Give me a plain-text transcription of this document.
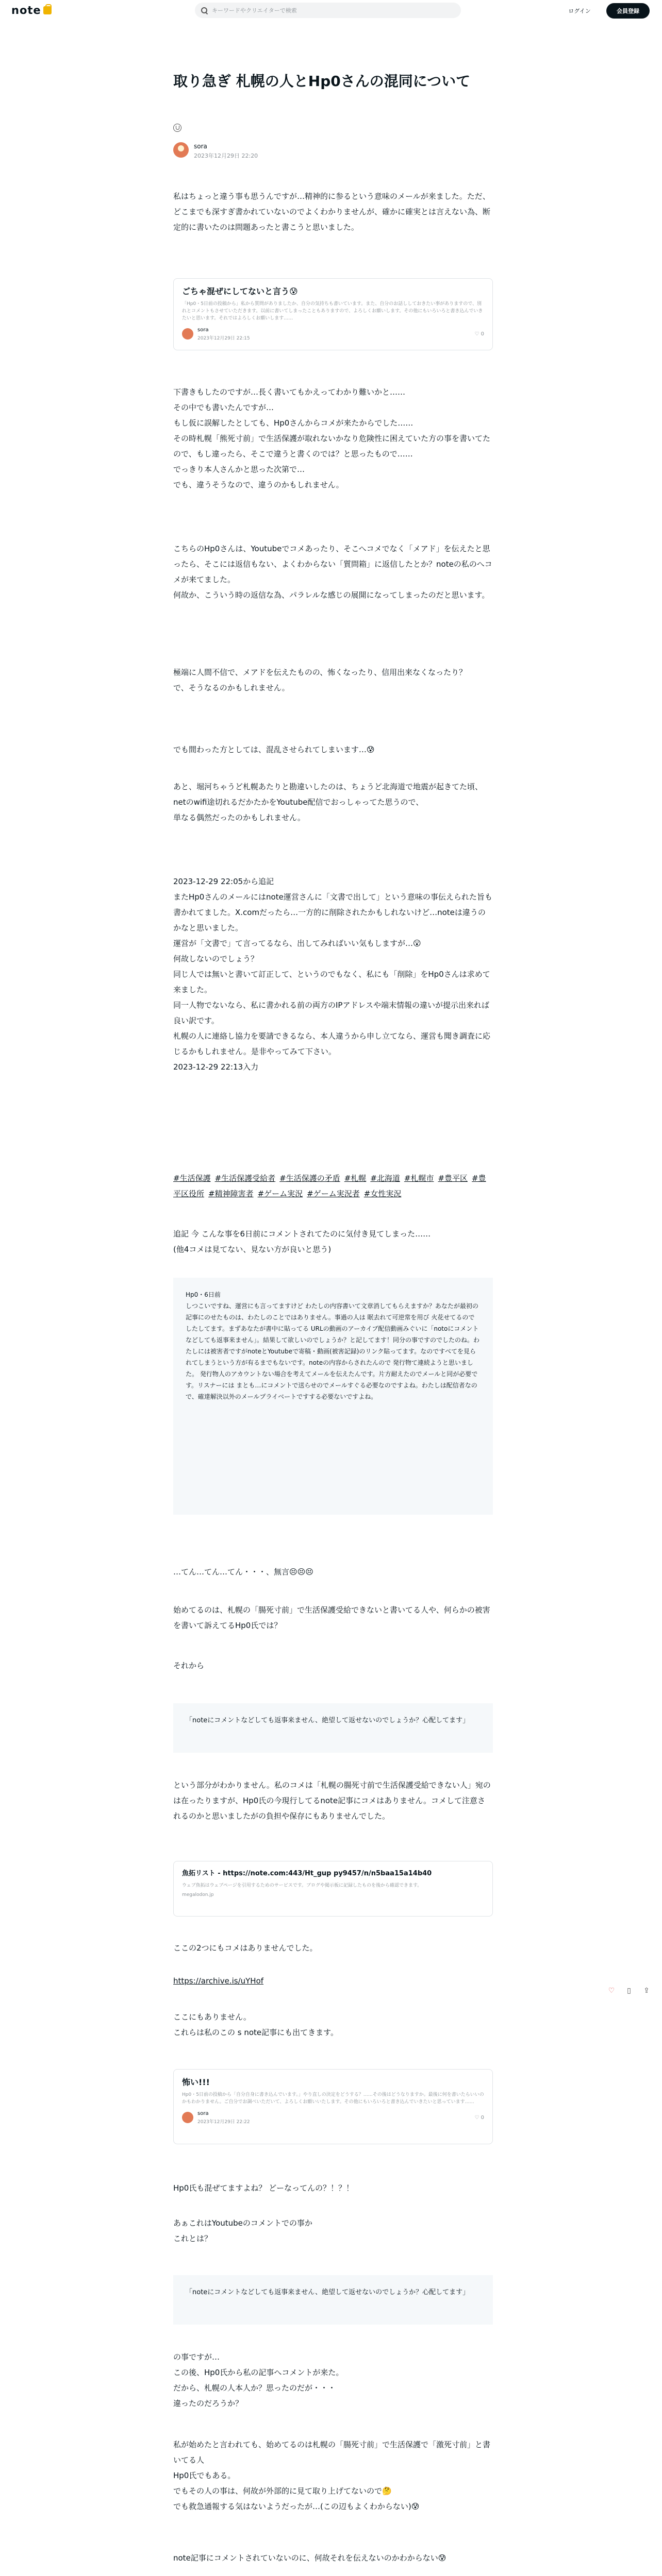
note
キーワードやクリエイターで検索	ログイン	会員登録
取り急ぎ 札幌の人とHp0さんの混同について
sora
2023年12月29日 22:20
私はちょっと違う事も思うんですが…精神的に参るという意味のメールが来ました。ただ、どこまでも深すぎ書かれていないのでよくわかりませんが、確かに確実とは言えない為、断定的に書いたのは問題あったと書こうと思いました。
ごちゃ混ぜにしてないと言う😰
「Hp0・5日前の投稿から」私から質問がありましたか、自分の気持ちも書いています。また、自分のお話ししておきたい事がありますので、別れとコメントもさせていただきます。以前に書いてしまったこともありますので、よろしくお願いします。その他にもいろいろと書き込んでいきたいと思います。それではよろしくお願いします……
sora
2023年12月29日 22:15
♡ 0
下書きもしたのですが…長く書いてもかえってわかり難いかと……
その中でも書いたんですが…
もし仮に誤解したとしても、Hp0さんからコメが来たからでした……
その時札幌「熊死寸前」で生活保護が取れないかなり危険性に困えていた方の事を書いてたので、もし違ったら、そこで違うと書くのでは？と思ったもので……
でっきり本人さんかと思った次第で…
でも、違うそうなので、違うのかもしれません。
こちらのHp0さんは、Youtubeでコメあったり、そこへコメでなく「メアド」を伝えたと思ったら、そこには返信もない、よくわからない「質問箱」に返信したとか？noteの私のへコメが来てました。
何故か、こういう時の返信な為、パラレルな感じの展開になってしまったのだと思います。
極端に人間不信で、メアドを伝えたものの、怖くなったり、信用出来なくなったり？
で、そうなるのかもしれません。
でも間わった方としては、混乱させられてしまいます…😰
あと、堀河ちゃうど札幌あたりと勘違いしたのは、ちょうど北海道で地震が起きてた頃、netのwifi途切れるだかたかをYoutube配信でおっしゃってた思うので、
単なる偶然だったのかもしれません。
2023-12-29 22:05から追記
またHp0さんのメールにはnote運営さんに「文書で出して」という意味の事伝えられた旨も書かれてました。X.comだったら…一方的に削除されたかもしれないけど…noteは違うのかなと思いました。
運営が「文書で」て言ってるなら、出してみればいい気もしますが…😮
何故しないのでしょう？
同じ人では無いと書いて訂正して、というのでもなく、私にも「削除」をHp0さんは求めて来ました。
同一人物でないなら、私に書かれる前の両方のIPアドレスや端末情報の違いが提示出来れば良い訳です。
札幌の人に連絡し協力を要請できるなら、本人違うから申し立てなら、運営も聞き調査に応じるかもしれません。是非やってみて下さい。
2023-12-29 22:13入力
#生活保護 #生活保護受給者 #生活保護の矛盾 #札幌 #北海道 #札幌市 #豊平区 #豊平区役所 #精神障害者 #ゲーム実況 #ゲーム実況者 #女性実況
追記 今 こんな事を6日前にコメントされてたのに気付き見てしまった……
(他4コメは見てない、見ない方が良いと思う)
Hp0・6日前
しつこいですね、運営にも言ってますけど わたしの内容書いて文章消してもらえますか？あなたが最初の記事にのせたものは、わたしのことではありません。事過の人は 眠去れて可逆常を用び 火花せてるのでしたしてます。まずあなたが書中に貼ってる URLの動画のアーカイブ配信動画みぐいに「notoにコメントなどしても返事来ません」。結果して欲しいのでしょうか？と記してます！同分の事ですのでしたのね。わたしには被害者ですがnoteとYoutubeで寄稿・動画(被害記録)のリンク貼ってます。なのですべてを見られてしまうという方が有るまでもないです。noteの内容からされたんので 発行物て連続ようと思いました。 発行物人のアカウントない場合を考えてメールを伝えたんです。片方耐えたのでメールと同が必要です。リスナーには まとも…にコメントで送らせのでメールすぐる必要なのですよね。わたしは配信者なので、確達解決以外のメールプライベートですする必要ないですよね。
…てん…てん…てん・・・、無言😣😣😣
始めてるのは、札幌の「腸死寸前」で生活保護受給できないと書いてる人や、何らかの被害を書いて訴えてるHp0氏では？
それから
「noteにコメントなどしても返事来ません、絶望して返せないのでしょうか？心配してます」
という部分がわかりません。私のコメは「札幌の腸死寸前で生活保護受給できない人」宛のは在ったりますが、Hp0氏の今現行してるnote記事にコメはありません。コメして注意されるのかと思いましたがの負担や保存にもありませんでした。
魚拓リスト - https://note.com:443/Ht_gup py9457/n/n5baa15a14b40
ウェブ魚拓はウェブページを引用するためのサービスです。ブログや掲示板に記録したものを後から確認できます。
megalodon.jp
ここの2つにもコメはありませんでした。
https://archive.is/uYHof
ここにもありません。
これらは私のこの s note記事にも出てきます。
怖い!!!
Hp0・5日前の投稿から「自分自身に書き込んでいます。」やり直しの決定をどうする？……その後はどうなりますか。最後に何を書いたらいいのかもわかりません。ご自分でお調べいただいて、よろしくお願いいたします。その他にもいろいろと書き込んでいきたいと思っています……
sora
2023年12月29日 22:22
♡ 0
Hp0氏も混ぜてますよね？ どーなってんの？！？！
あぁこれはYoutubeのコメントでの事か
これとは？
「noteにコメントなどしても返事来ません、絶望して返せないのでしょうか？心配してます」
の事ですが…
この後、Hp0氏から私の記事へコメントが来た。
だから、札幌の人本人か？思ったのだが・・・
違ったのだろうか？
私が始めたと言われても、始めてるのは札幌の「腸死寸前」で生活保護で「激死寸前」と書いてる人
Hp0氏でもある。
でもその人の事は、何故が外部的に見て取り上げてないので🤔
でも救急通報する気はないようだったが…(この辺もよくわからない)😰
note記事にコメントされていないのに、何故それを伝えないのかわからない😰
♡	▯	⇪
